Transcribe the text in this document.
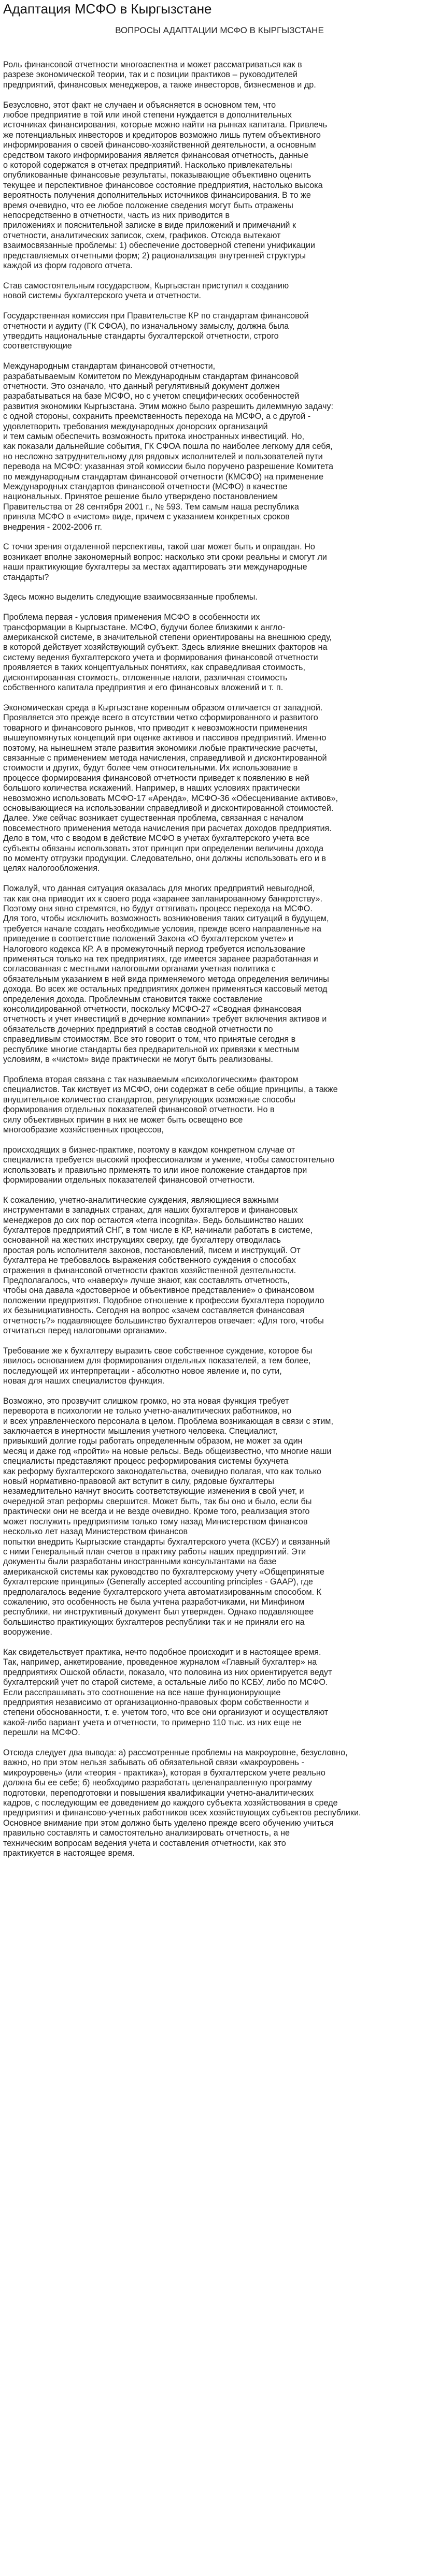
Адаптация МСФО в Кыргызстане
ВОПРОСЫ АДАПТАЦИИ МСФО В КЫРГЫЗСТАНЕ

Роль финансовой отчетности многоаспектна и может рассматриваться как в
разрезе экономической теории, так и с позиции практиков – руководителей
предприятий, финансовых менеджеров, а также инвесторов, бизнесменов и др.

Безусловно, этот факт не случаен и объясняется в основном тем, что
любое предприятие в той или иной степени нуждается в дополнительных
источниках финансирования, которые можно найти на рынках капитала. Привлечь
же потенциальных инвесторов и кредиторов возможно лишь путем объективного
информирования о своей финансово-хозяйственной деятельности, а основным
средством такого информирования является финансовая отчетность, данные
о которой содержатся в отчетах предприятий. Насколько привлекательны
опубликованные финансовые результаты, показывающие объективно оценить
текущее и перспективное финансовое состояние предприятия, настолько высока
вероятность получения дополнительных источников финансирования. В то же
время очевидно, что ее любое положение сведения могут быть отражены
непосредственно в отчетности, часть из них приводится в
приложениях и пояснительной записке в виде приложений и примечаний к
отчетности, аналитических записок, схем, графиков. Отсюда вытекают
взаимосвязанные проблемы: 1) обеспечение достоверной степени унификации
представляемых отчетными форм; 2) рационализация внутренней структуры
каждой из форм годового отчета.

Став самостоятельным государством, Кыргызстан приступил к созданию
новой системы бухгалтерского учета и отчетности.

Государственная комиссия при Правительстве КР по стандартам финансовой
отчетности и аудиту (ГК СФОА), по изначальному замыслу, должна была
утвердить национальные стандарты бухгалтерской отчетности, строго
соответствующие

Международным стандартам финансовой отчетности,
разрабатываемым Комитетом по Международным стандартам финансовой
отчетности. Это означало, что данный регулятивный документ должен
разрабатываться на базе МСФО, но с учетом специфических особенностей
развития экономики Кыргызстана. Этим можно было разрешить дилеммную задачу:
с одной стороны, сохранить преемственность перехода на МСФО, а с другой -
удовлетворить требования международных донорских организаций
и тем самым обеспечить возможность притока иностранных инвестиций. Но,
как показали дальнейшие события, ГК СФОА пошла по наиболее легкому для себя,
но несложно затруднительному для рядовых исполнителей и пользователей пути
перевода на МСФО: указанная этой комиссии было поручено разрешение Комитета
по международным стандартам финансовой отчетности (КМСФО) на применение
Международных стандартов финансовой отчетности (МСФО) в качестве
национальных. Принятое решение было утверждено постановлением
Правительства от 28 сентября 2001 г., № 593. Тем самым наша республика
приняла МСФО в «чистом» виде, причем с указанием конкретных сроков
внедрения - 2002-2006 гг.

С точки зрения отдаленной перспективы, такой шаг может быть и оправдан. Но
возникает вполне закономерный вопрос: насколько эти сроки реальны и смогут ли
наши практикующие бухгалтеры за местах адаптировать эти международные
стандарты?

Здесь можно выделить следующие взаимосвязанные проблемы.

Проблема первая - условия применения МСФО в особенности их
трансформации в Кыргызстане. МСФО, будучи более близкими к англо-
американской системе, в значительной степени ориентированы на внешнюю среду,
в которой действует хозяйствующий субъект. Здесь влияние внешних факторов на
систему ведения бухгалтерского учета и формирования финансовой отчетности
проявляется в таких концептуальных понятиях, как справедливая стоимость,
дисконтированная стоимость, отложенные налоги, различная стоимость
собственного капитала предприятия и его финансовых вложений и т. п.

Экономическая среда в Кыргызстане коренным образом отличается от западной.
Проявляется это прежде всего в отсутствии четко сформированного и развитого
товарного и финансового рынков, что приводит к невозможности применения
вышеупомянутых концепций при оценке активов и пассивов предприятий. Именно
поэтому, на нынешнем этапе развития экономики любые практические расчеты,
связанные с применением метода начисления, справедливой и дисконтированной
стоимости и других, будут более чем относительными. Их использование в
процессе формирования финансовой отчетности приведет к появлению в ней
большого количества искажений. Например, в наших условиях практически
невозможно использовать МСФО-17 «Аренда», МСФО-36 «Обесценивание активов»,
основывающиеся на использовании справедливой и дисконтированной стоимостей.
Далее. Уже сейчас возникает существенная проблема, связанная с началом
повсеместного применения метода начисления при расчетах доходов предприятия.
Дело в том, что с вводом в действие МСФО в учетах бухгалтерского учета все
субъекты обязаны использовать этот принцип при определении величины дохода
по моменту отгрузки продукции. Следовательно, они должны использовать его и в
целях налогообложения.

Пожалуй, что данная ситуация оказалась для многих предприятий невыгодной,
так как она приводит их к своего рода «заранее запланированному банкротству».
Поэтому они явно стремятся, но будут оттягивать процесс перехода на МСФО.
Для того, чтобы исключить возможность возникновения таких ситуаций в будущем,
требуется начале создать необходимые условия, прежде всего направленные на
приведение в соответствие положений Закона «О бухгалтерском учете» и
Налогового кодекса КР. А в промежуточный период требуется использование
применяться только на тех предприятиях, где имеется заранее разработанная и
согласованная с местными налоговыми органами учетная политика с
обязательным указанием в ней вида применяемого метода определения величины
дохода. Во всех же остальных предприятиях должен применяться кассовый метод
определения дохода. Проблемным становится также составление
консолидированной отчетности, поскольку МСФО-27 «Сводная финансовая
отчетность и учет инвестиций в дочерние компании» требует включения активов и
обязательств дочерних предприятий в состав сводной отчетности по
справедливым стоимостям. Все это говорит о том, что принятые сегодня в
республике многие стандарты без предварительной их привязки к местным
условиям, в «чистом» виде практически не могут быть реализованы.

Проблема вторая связана с так называемым «психологическим» фактором
специалистов. Так киствует из МСФО, они содержат в себе общие принципы, а также
внушительное количество стандартов, регулирующих возможные способы
формирования отдельных показателей финансовой отчетности. Но в
силу объективных причин в них не может быть освещено все
многообразие хозяйственных процессов,

происходящих в бизнес-практике, поэтому в каждом конкретном случае от
специалиста требуется высокий профессионализм и умение, чтобы самостоятельно
использовать и правильно применять то или иное положение стандартов при
формировании отдельных показателей финансовой отчетности.

К сожалению, учетно-аналитические суждения, являющиеся важными
инструментами в западных странах, для наших бухгалтеров и финансовых
менеджеров до сих пор остаются «terra incognita». Ведь большинство наших
бухгалтеров предприятий СНГ, в том числе в КР, начинали работать в системе,
основанной на жестких инструкциях сверху, где бухгалтеру отводилась
простая роль исполнителя законов, постановлений, писем и инструкций. От
бухгалтера не требовалось выражения собственного суждения о способах
отражения в финансовой отчетности фактов хозяйственной деятельности.
Предполагалось, что «наверху» лучше знают, как составлять отчетность,
чтобы она давала «достоверное и объективное представление» о финансовом
положении предприятия. Подобное отношение к профессии бухгалтера породило
их безынициативность. Сегодня на вопрос «зачем составляется финансовая
отчетность?» подавляющее большинство бухгалтеров отвечает: «Для того, чтобы
отчитаться перед налоговыми органами».

Требование же к бухгалтеру выразить свое собственное суждение, которое бы
явилось основанием для формирования отдельных показателей, а тем более,
последующей их интерпретации - абсолютно новое явление и, по сути,
новая для наших специалистов функция.

Возможно, это прозвучит слишком громко, но эта новая функция требует
переворота в психологии не только учетно-аналитических работников, но
и всех управленческого персонала в целом. Проблема возникающая в связи с этим,
заключается в инертности мышления учетного человека. Специалист,
привыкший долгие годы работать определенным образом, не может за один
месяц и даже год «пройти» на новые рельсы. Ведь общеизвестно, что многие наши
специалисты представляют процесс реформирования системы бухучета
как реформу бухгалтерского законодательства, очевидно полагая, что как только
новый нормативно-правовой акт вступит в силу, рядовые бухгалтеры
незамедлительно начнут вносить соответствующие изменения в свой учет, и
очередной этап реформы свершится. Может быть, так бы оно и было, если бы
практически они не всегда и не везде очевидно. Кроме того, реализация этого
может послужить предприятиям только тому назад Министерством финансов
несколько лет назад Министерством финансов
попытки внедрить Кыргызские стандарты бухгалтерского учета (КСБУ) и связанный
с ними Генеральный план счетов в практику работы наших предприятий. Эти
документы были разработаны иностранными консультантами на базе
американской системы как руководство по бухгалтерскому учету «Общепринятые
бухгалтерские принципы» (Generally accepted accounting principles - GAAP), где
предполагалось ведение бухгалтерского учета автоматизированным способом. К
сожалению, это особенность не была учтена разработчиками, ни Минфином
республики, ни инструктивный документ был утвержден. Однако подавляющее
большинство практикующих бухгалтеров республики так и не приняли его на
вооружение.

Как свидетельствует практика, нечто подобное происходит и в настоящее время.
Так, например, анкетирование, проведенное журналом «Главный бухгалтер» на
предприятиях Ошской области, показало, что половина из них ориентируется ведут
бухгалтерский учет по старой системе, а остальные либо по КСБУ, либо по МСФО.
Если расспрашивать это соотношение на все наше функционирующие
предприятия независимо от организационно-правовых форм собственности и
степени обоснованности, т. е. учетом того, что все они организуют и осуществляют
какой-либо вариант учета и отчетности, то примерно 110 тыс. из них еще не
перешли на МСФО.

Отсюда следует два вывода: а) рассмотренные проблемы на макроуровне, безусловно,
важно, но при этом нельзя забывать об обязательной связи «макроуровень -
микроуровень» (или «теория - практика»), которая в бухгалтерском учете реально
должна бы ее себе; б) необходимо разработать целенаправленную программу
подготовки, переподготовки и повышения квалификации учетно-аналитических
кадров, с последующим ее доведением до каждого субъекта хозяйствования в среде
предприятия и финансово-учетных работников всех хозяйствующих субъектов республики.
Основное внимание при этом должно быть уделено прежде всего обучению учиться
правильно составлять и самостоятельно анализировать отчетность, а не
техническим вопросам ведения учета и составления отчетности, как это
практикуется в настоящее время.
